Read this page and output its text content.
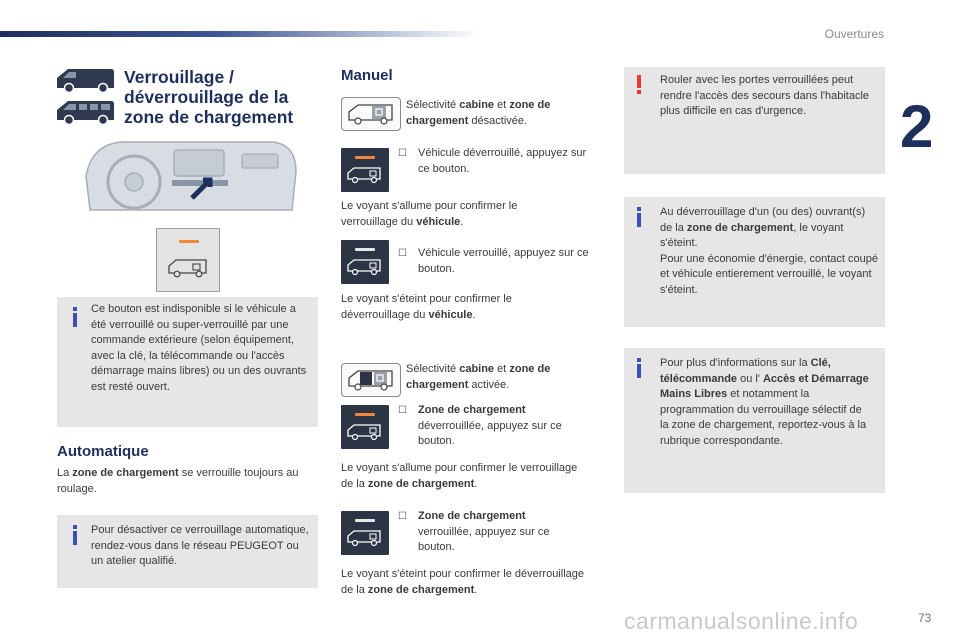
Ouvertures
2
Verrouillage / déverrouillage de la zone de chargement
Ce bouton est indisponible si le véhicule a été verrouillé ou super-verrouillé par une commande extérieure (selon équipement, avec la clé, la télécommande ou l'accès démarrage mains libres) ou un des ouvrants est resté ouvert.
Automatique
La zone de chargement se verrouille toujours au roulage.
Pour désactiver ce verrouillage automatique, rendez-vous dans le réseau PEUGEOT ou un atelier qualifié.
Manuel
Sélectivité cabine et zone de chargement désactivée.
☐ Véhicule déverrouillé, appuyez sur ce bouton.
Le voyant s'allume pour confirmer le verrouillage du véhicule.
☐ Véhicule verrouillé, appuyez sur ce bouton.
Le voyant s'éteint pour confirmer le déverrouillage du véhicule.
Sélectivité cabine et zone de chargement activée.
☐ Zone de chargement
déverrouillée, appuyez sur ce bouton.
Le voyant s'allume pour confirmer le verrouillage de la zone de chargement.
☐ Zone de chargement
verrouillée, appuyez sur ce bouton.
Le voyant s'éteint pour confirmer le déverrouillage de la zone de chargement.
Rouler avec les portes verrouillées peut rendre l'accès des secours dans l'habitacle plus difficile en cas d'urgence.
Au déverrouillage d'un (ou des) ouvrant(s) de la zone de chargement, le voyant s'éteint.
Pour une économie d'énergie, contact coupé et véhicule entierement verrouillé, le voyant s'éteint.
Pour plus d'informations sur la Clé, télécommande ou l' Accès et Démarrage Mains Libres et notamment la programmation du verrouillage sélectif de la zone de chargement, reportez-vous à la rubrique correspondante.
carmanualsonline.info	73
